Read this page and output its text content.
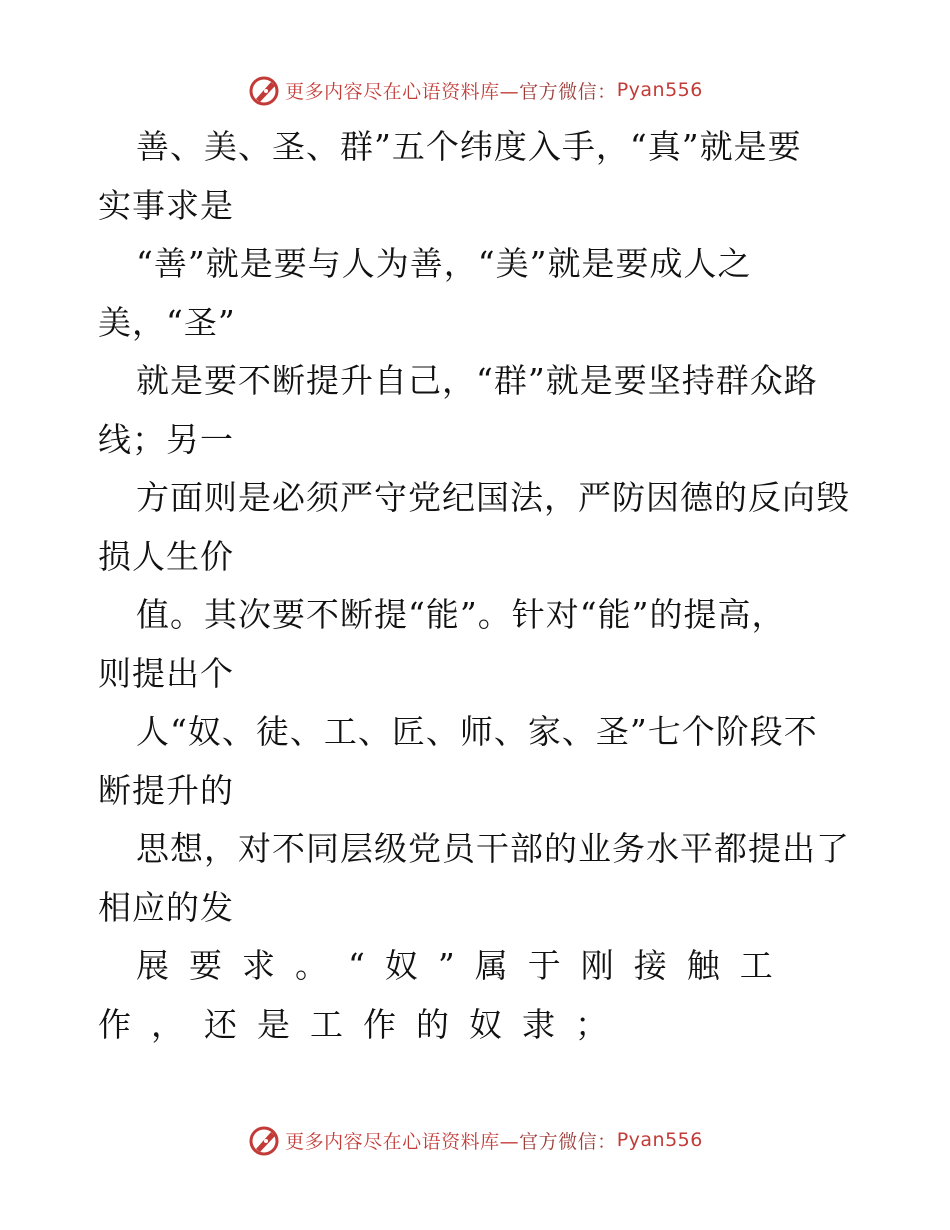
更多内容尽在心语资料库— 官方微信： Pyan556
善、美、圣、群”五个纬度入手，“真”就是要
实事求是
“善”就是要与人为善，“美”就是要成人之
美，“圣”
就是要不断提升自己，“群”就是要坚持群众路
线；另一
方面则是必须严守党纪国法，严防因德的反向毁
损人生价
值。其次要不断提“能”。针对“能”的提高，
则提出个
人“奴、徒、工、匠、师、家、圣”七个阶段不
断提升的
思想，对不同层级党员干部的业务水平都提出了
相应的发
展要求。“奴”属于刚接触工
作，还是工作的奴隶；
更多内容尽在心语资料库— 官方微信： Pyan556
